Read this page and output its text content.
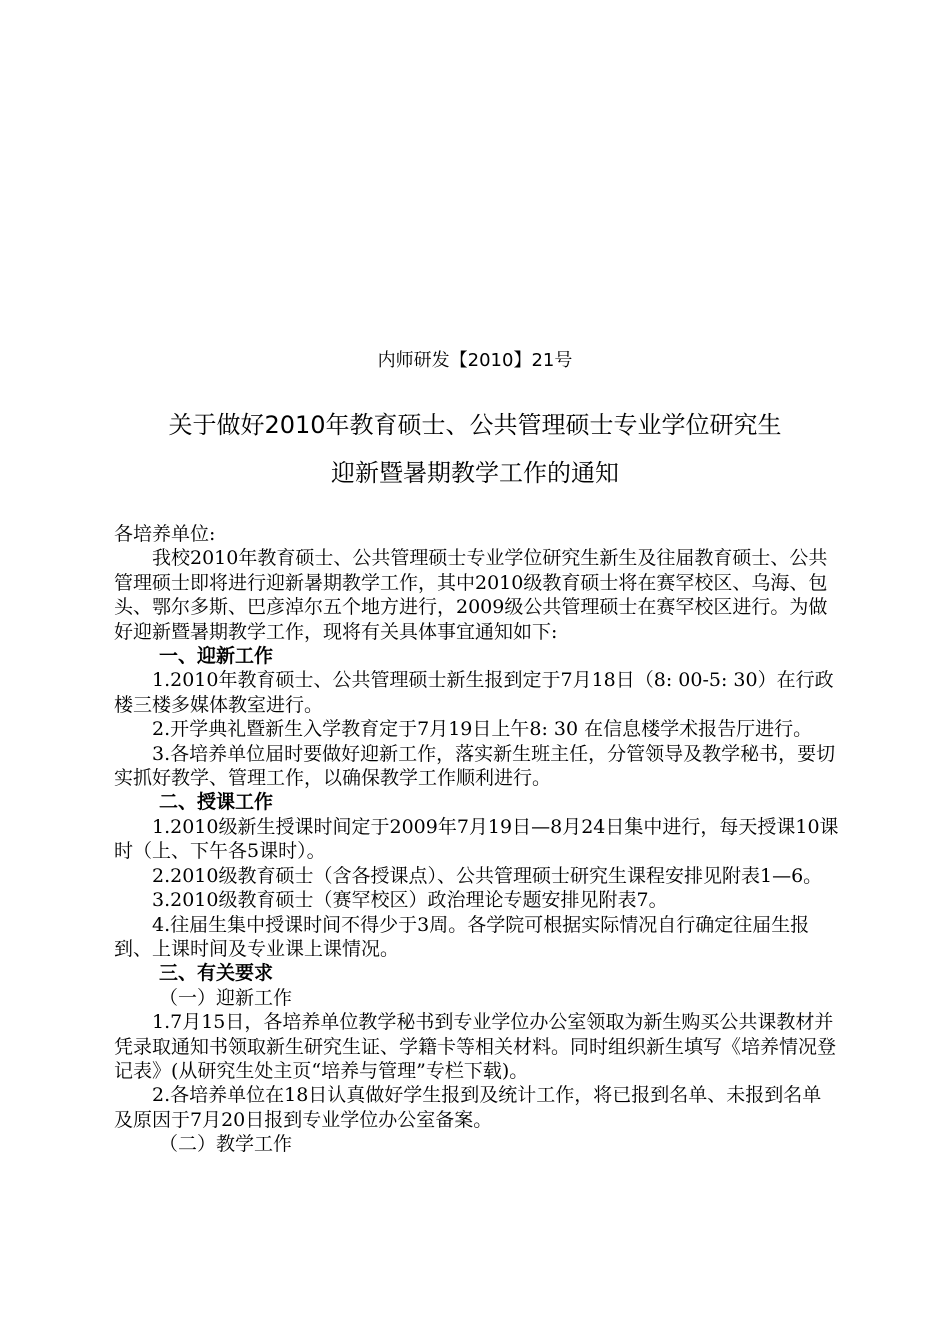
内师研发【2010】21号
关于做好2010年教育硕士、公共管理硕士专业学位研究生
迎新暨暑期教学工作的通知

各培养单位:

我校2010年教育硕士、公共管理硕士专业学位研究生新生及往届教育硕士、公共管理硕士即将进行迎新暑期教学工作，其中2010级教育硕士将在赛罕校区、乌海、包头、鄂尔多斯、巴彦淖尔五个地方进行，2009级公共管理硕士在赛罕校区进行。为做好迎新暨暑期教学工作，现将有关具体事宜通知如下:

一、迎新工作

1.2010年教育硕士、公共管理硕士新生报到定于7月18日（8: 00-5: 30）在行政楼三楼多媒体教室进行。

2.开学典礼暨新生入学教育定于7月19日上午8: 30 在信息楼学术报告厅进行。

3.各培养单位届时要做好迎新工作，落实新生班主任，分管领导及教学秘书，要切实抓好教学、管理工作，以确保教学工作顺利进行。

二、授课工作

1.2010级新生授课时间定于2009年7月19日—8月24日集中进行，每天授课10课时（上、下午各5课时）。

2.2010级教育硕士（含各授课点）、公共管理硕士研究生课程安排见附表1—6。

3.2010级教育硕士（赛罕校区）政治理论专题安排见附表7。

4.往届生集中授课时间不得少于3周。各学院可根据实际情况自行确定往届生报到、上课时间及专业课上课情况。

三、有关要求

（一）迎新工作

1.7月15日，各培养单位教学秘书到专业学位办公室领取为新生购买公共课教材并凭录取通知书领取新生研究生证、学籍卡等相关材料。同时组织新生填写《培养情况登记表》(从研究生处主页“培养与管理”专栏下载)。

2.各培养单位在18日认真做好学生报到及统计工作，将已报到名单、未报到名单及原因于7月20日报到专业学位办公室备案。

（二）教学工作
